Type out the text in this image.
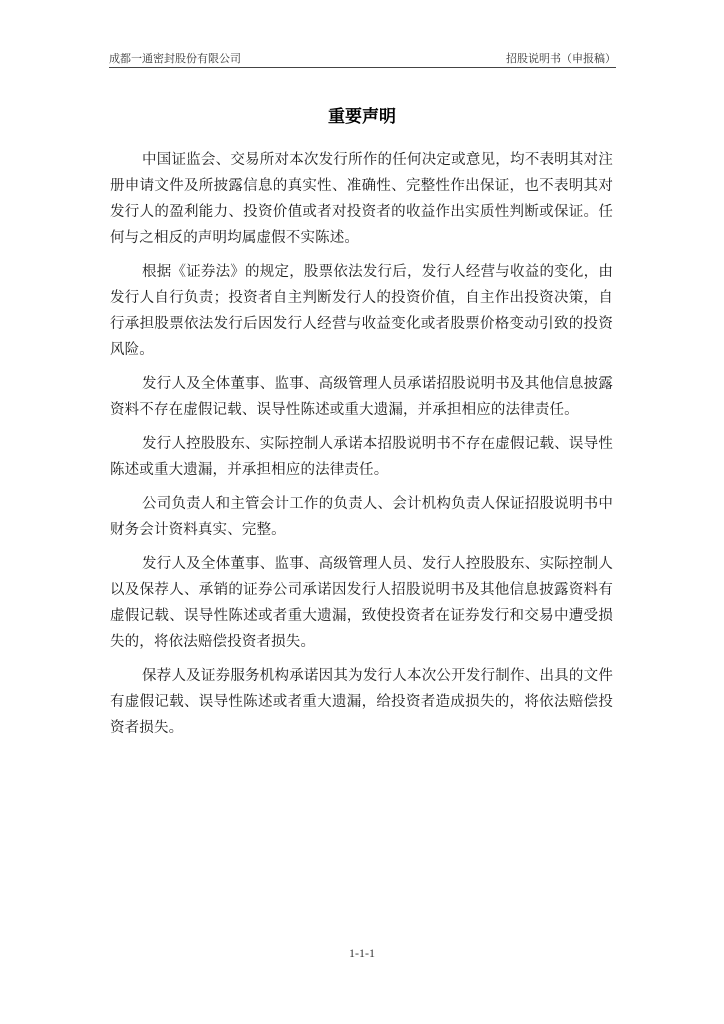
成都一通密封股份有限公司	招股说明书（申报稿）
重要声明

中国证监会、交易所对本次发行所作的任何决定或意见，均不表明其对注册申请文件及所披露信息的真实性、准确性、完整性作出保证，也不表明其对发行人的盈利能力、投资价值或者对投资者的收益作出实质性判断或保证。任何与之相反的声明均属虚假不实陈述。

根据《证券法》的规定，股票依法发行后，发行人经营与收益的变化，由发行人自行负责；投资者自主判断发行人的投资价值，自主作出投资决策，自行承担股票依法发行后因发行人经营与收益变化或者股票价格变动引致的投资风险。

发行人及全体董事、监事、高级管理人员承诺招股说明书及其他信息披露资料不存在虚假记载、误导性陈述或重大遗漏，并承担相应的法律责任。

发行人控股股东、实际控制人承诺本招股说明书不存在虚假记载、误导性陈述或重大遗漏，并承担相应的法律责任。

公司负责人和主管会计工作的负责人、会计机构负责人保证招股说明书中财务会计资料真实、完整。

发行人及全体董事、监事、高级管理人员、发行人控股股东、实际控制人以及保荐人、承销的证券公司承诺因发行人招股说明书及其他信息披露资料有虚假记载、误导性陈述或者重大遗漏，致使投资者在证券发行和交易中遭受损失的，将依法赔偿投资者损失。

保荐人及证券服务机构承诺因其为发行人本次公开发行制作、出具的文件有虚假记载、误导性陈述或者重大遗漏，给投资者造成损失的，将依法赔偿投资者损失。

1-1-1
